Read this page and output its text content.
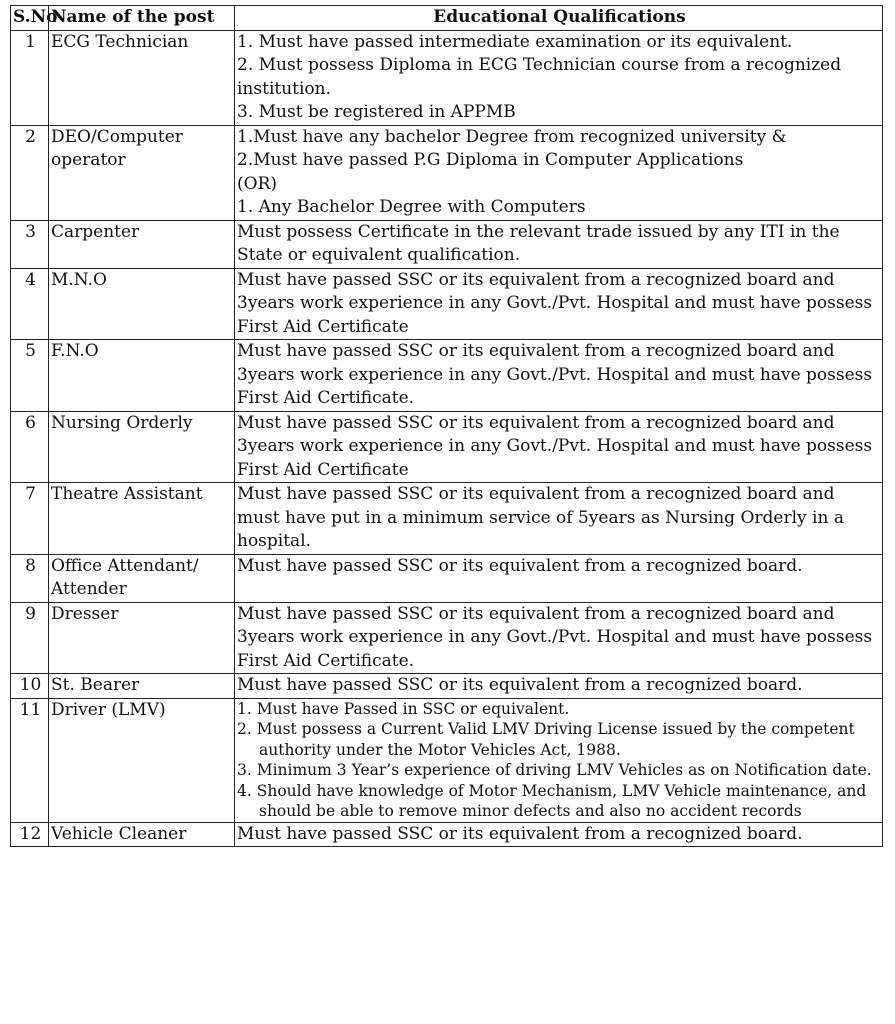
S.No	Name of the post	Educational Qualifications
1	ECG Technician	1. Must have passed intermediate examination or its equivalent.
2. Must possess Diploma in ECG Technician course from a recognized institution.
3. Must be registered in APPMB

2	DEO/Computer operator	1.Must have any bachelor Degree from recognized university &
2.Must have passed P.G Diploma in Computer Applications
(OR)
1. Any Bachelor Degree with Computers

3	Carpenter	Must possess Certificate in the relevant trade issued by any ITI in the State or equivalent qualification.

4	M.N.O	Must have passed SSC or its equivalent from a recognized board and 3years work experience in any Govt./Pvt. Hospital and must have possess First Aid Certificate

5	F.N.O	Must have passed SSC or its equivalent from a recognized board and 3years work experience in any Govt./Pvt. Hospital and must have possess First Aid Certificate.

6	Nursing Orderly	Must have passed SSC or its equivalent from a recognized board and 3years work experience in any Govt./Pvt. Hospital and must have possess First Aid Certificate

7	Theatre Assistant	Must have passed SSC or its equivalent from a recognized board and must have put in a minimum service of 5years as Nursing Orderly in a hospital.

8	Office Attendant/ Attender	Must have passed SSC or its equivalent from a recognized board.

9	Dresser	Must have passed SSC or its equivalent from a recognized board and 3years work experience in any Govt./Pvt. Hospital and must have possess First Aid Certificate.

10	St. Bearer	Must have passed SSC or its equivalent from a recognized board.

11	Driver (LMV)	1. Must have Passed in SSC or equivalent.
2. Must possess a Current Valid LMV Driving License issued by the competent authority under the Motor Vehicles Act, 1988.
3. Minimum 3 Year’s experience of driving LMV Vehicles as on Notification date.
4. Should have knowledge of Motor Mechanism, LMV Vehicle maintenance, and should be able to remove minor defects and also no accident records

12	Vehicle Cleaner	Must have passed SSC or its equivalent from a recognized board.
